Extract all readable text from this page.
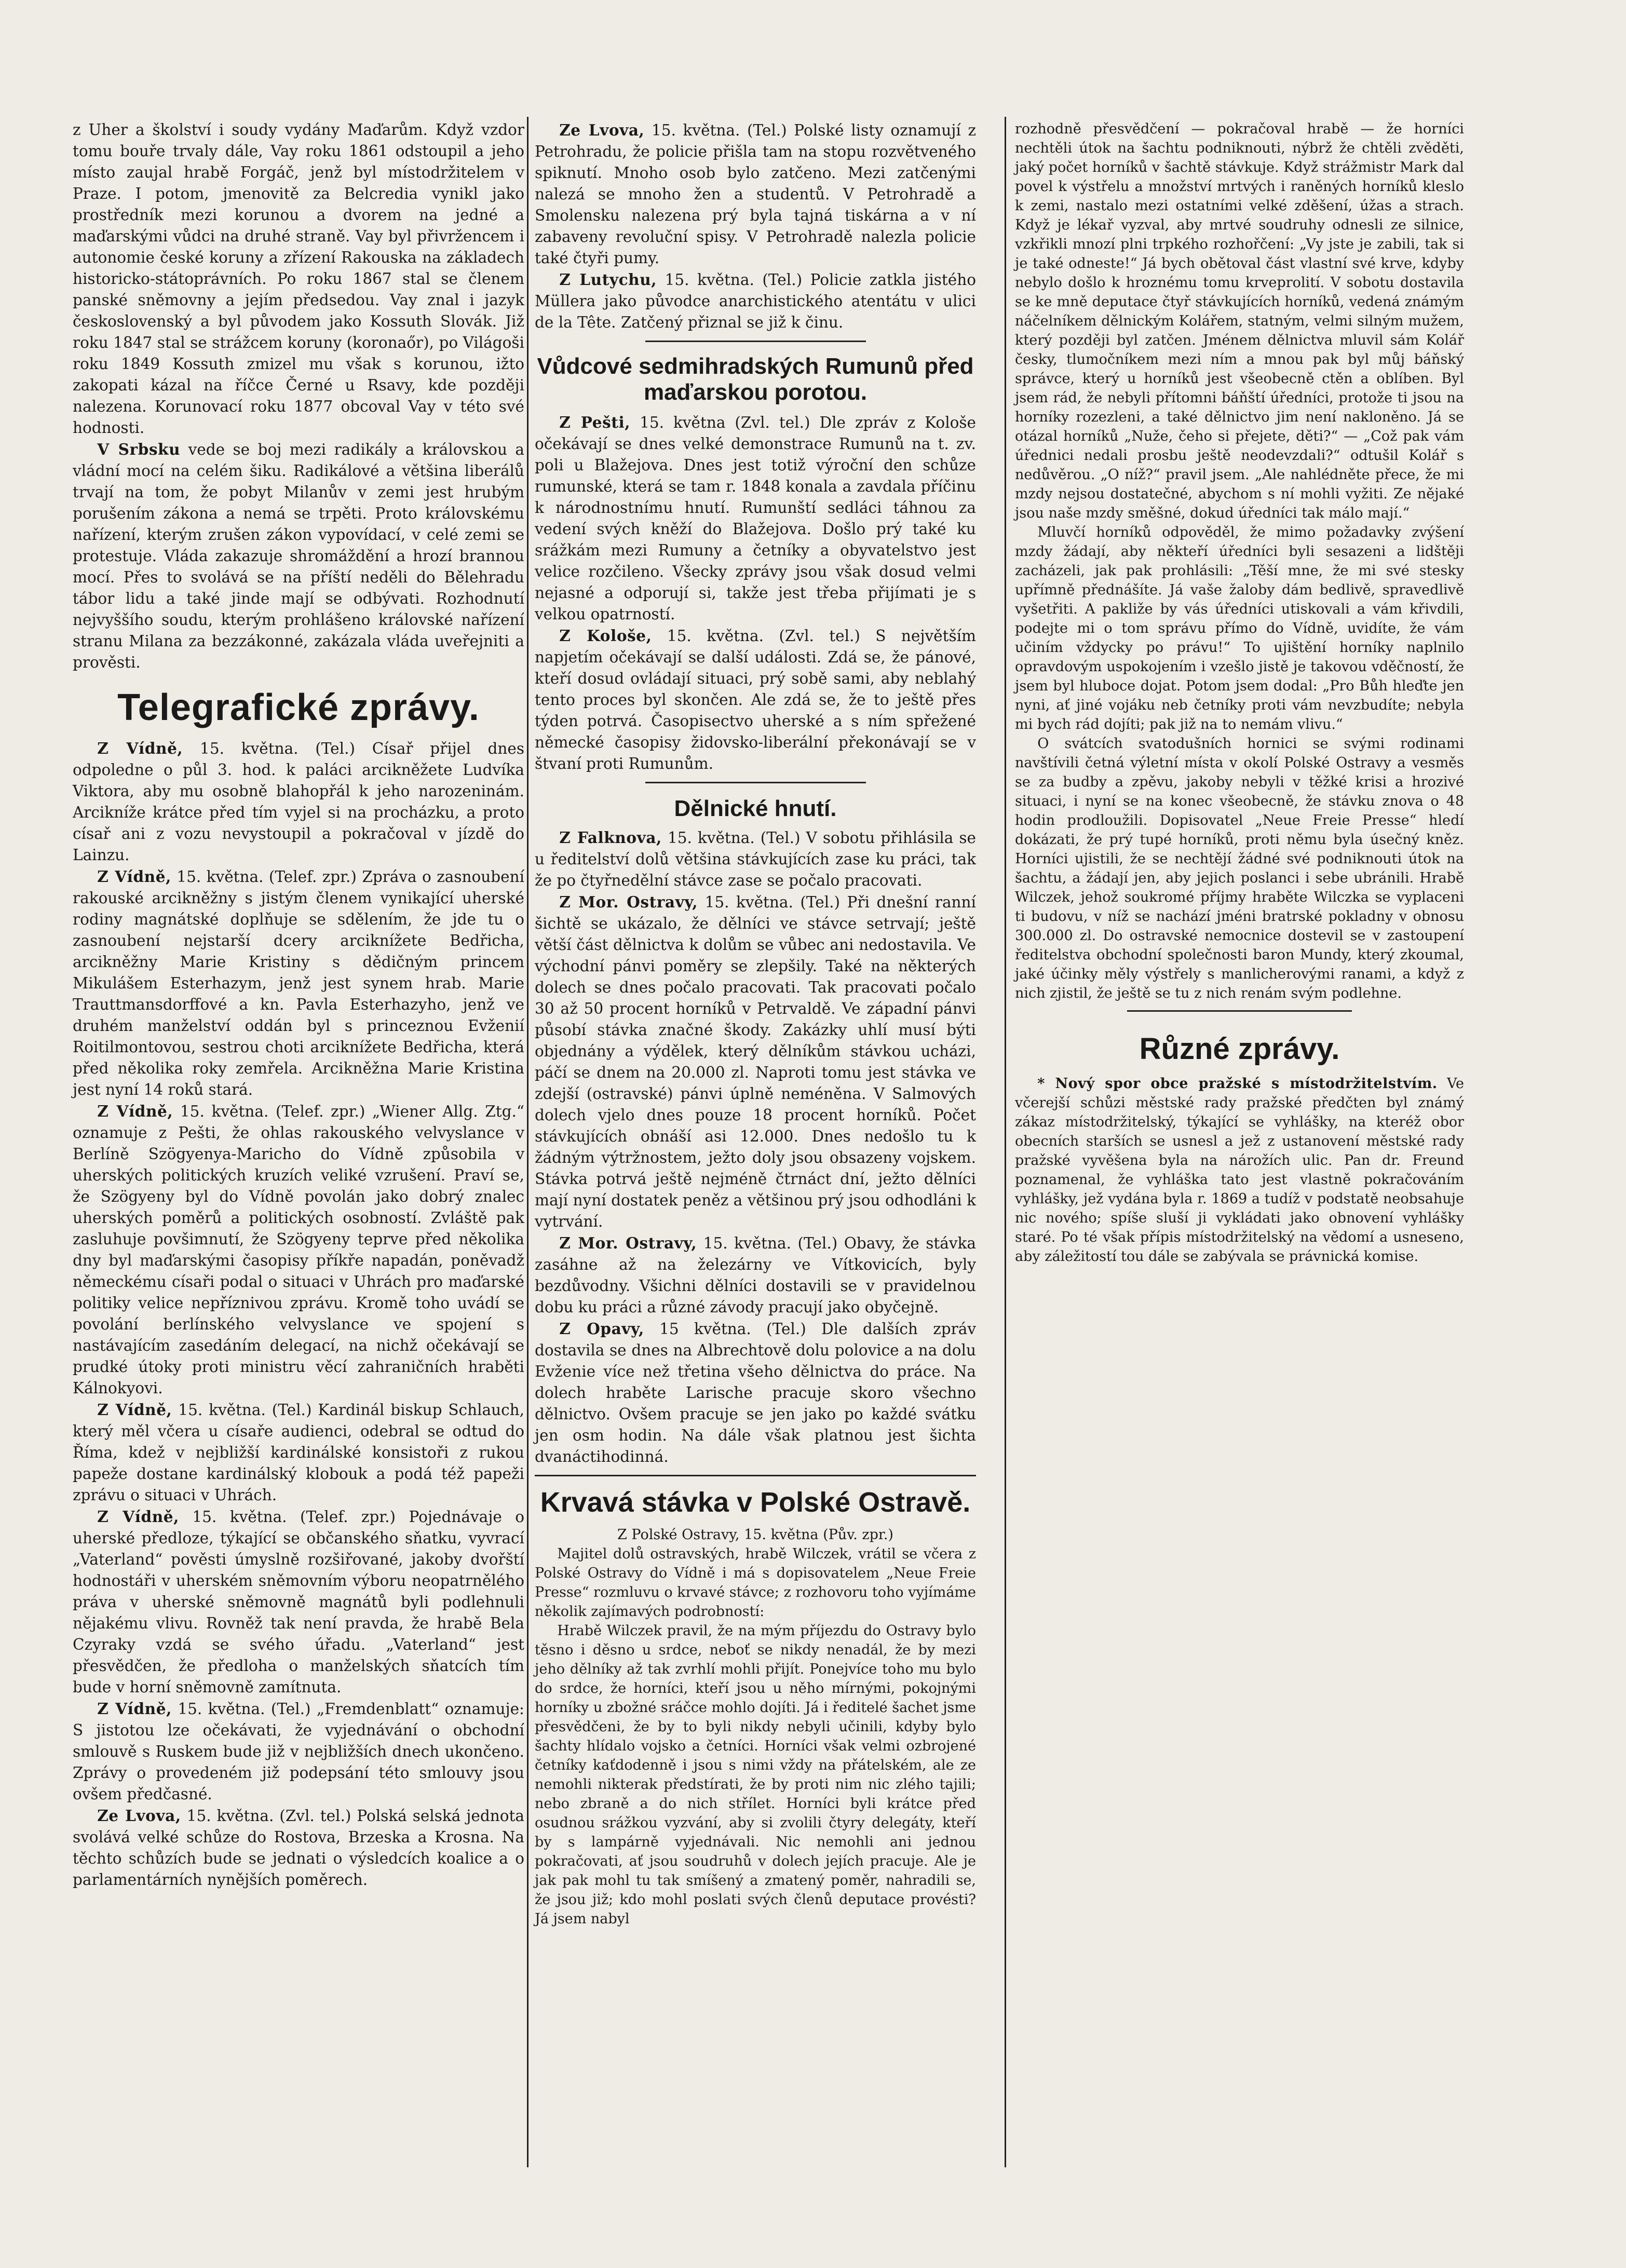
z Uher a školství i soudy vydány Maďarům. Když vzdor tomu bouře trvaly dále, Vay roku 1861 odstoupil a jeho místo zaujal hrabě Forgáč, jenž byl místodržitelem v Praze. I potom, jmenovitě za Belcredia vynikl jako prostředník mezi korunou a dvorem na jedné a maďarskými vůdci na druhé straně. Vay byl přivržencem i autonomie české koruny a zřízení Rakouska na základech historicko-státoprávních. Po roku 1867 stal se členem panské sněmovny a jejím předsedou. Vay znal i jazyk československý a byl původem jako Kossuth Slovák. Již roku 1847 stal se strážcem koruny (koronaőr), po Világoši roku 1849 Kossuth zmizel mu však s korunou, ižto zakopati kázal na říčce Černé u Rsavy, kde později nalezena. Korunovací roku 1877 obcoval Vay v této své hodnosti.

V Srbsku vede se boj mezi radikály a královskou a vládní mocí na celém šiku. Radikálové a většina liberálů trvají na tom, že pobyt Milanův v zemi jest hrubým porušením zákona a nemá se trpěti. Proto královskému nařízení, kterým zrušen zákon vypovídací, v celé zemi se protestuje. Vláda zakazuje shromáždění a hrozí brannou mocí. Přes to svolává se na příští neděli do Bělehradu tábor lidu a také jinde mají se odbývati. Rozhodnutí nejvyššího soudu, kterým prohlášeno královské nařízení stranu Milana za bezzákonné, zakázala vláda uveřejniti a prověsti.

Telegrafické zprávy.

Z Vídně, 15. května. (Tel.) Císař přijel dnes odpoledne o půl 3. hod. k paláci arcikněžete Ludvíka Viktora, aby mu osobně blahopřál k jeho narozeninám. Arcikníže krátce před tím vyjel si na procházku, a proto císař ani z vozu nevystoupil a pokračoval v jízdě do Lainzu.

Z Vídně, 15. května. (Telef. zpr.) Zpráva o zasnoubení rakouské arcikněžny s jistým členem vynikající uherské rodiny magnátské doplňuje se sdělením, že jde tu o zasnoubení nejstarší dcery arciknížete Bedřicha, arcikněžny Marie Kristiny s dědičným princem Mikulášem Esterhazym, jenž jest synem hrab. Marie Trauttmansdorffové a kn. Pavla Esterhazyho, jenž ve druhém manželství oddán byl s princeznou Evženií Roitilmontovou, sestrou choti arciknížete Bedřicha, která před několika roky zemřela. Arcikněžna Marie Kristina jest nyní 14 roků stará.

Z Vídně, 15. května. (Telef. zpr.) „Wiener Allg. Ztg.“ oznamuje z Pešti, že ohlas rakouského velvyslance v Berlíně Szögyenya-Maricho do Vídně způsobila v uherských politických kruzích veliké vzrušení. Praví se, že Szögyeny byl do Vídně povolán jako dobrý znalec uherských poměrů a politických osobností. Zvláště pak zasluhuje povšimnutí, že Szögyeny teprve před několika dny byl maďarskými časopisy příkře napadán, poněvadž německému císaři podal o situaci v Uhrách pro maďarské politiky velice nepříznivou zprávu. Kromě toho uvádí se povolání berlínského velvyslance ve spojení s nastávajícím zasedáním delegací, na nichž očekávají se prudké útoky proti ministru věcí zahraničních hraběti Kálnokyovi.

Z Vídně, 15. května. (Tel.) Kardinál biskup Schlauch, který měl včera u císaře audienci, odebral se odtud do Říma, kdež v nejbližší kardinálské konsistoři z rukou papeže dostane kardinálský klobouk a podá též papeži zprávu o situaci v Uhrách.

Z Vídně, 15. května. (Telef. zpr.) Pojednávaje o uherské předloze, týkající se občanského sňatku, vyvrací „Vaterland“ pověsti úmyslně rozšiřované, jakoby dvořští hodnostáři v uherském sněmovním výboru neopatrnělého práva v uherské sněmovně magnátů byli podlehnuli nějakému vlivu. Rovněž tak není pravda, že hrabě Bela Czyraky vzdá se svého úřadu. „Vaterland“ jest přesvědčen, že předloha o manželských sňatcích tím bude v horní sněmovně zamítnuta.

Z Vídně, 15. května. (Tel.) „Fremdenblatt“ oznamuje: S jistotou lze očekávati, že vyjednávání o obchodní smlouvě s Ruskem bude již v nejbližších dnech ukončeno. Zprávy o provedeném již podepsání této smlouvy jsou ovšem předčasné.

Ze Lvova, 15. května. (Zvl. tel.) Polská selská jednota svolává velké schůze do Rostova, Brzeska a Krosna. Na těchto schůzích bude se jednati o výsledcích koalice a o parlamentárních nynějších poměrech.

Ze Lvova, 15. května. (Tel.) Polské listy oznamují z Petrohradu, že policie přišla tam na stopu rozvětveného spiknutí. Mnoho osob bylo zatčeno. Mezi zatčenými nalezá se mnoho žen a studentů. V Petrohradě a Smolensku nalezena prý byla tajná tiskárna a v ní zabaveny revoluční spisy. V Petrohradě nalezla policie také čtyři pumy.

Z Lutychu, 15. května. (Tel.) Policie zatkla jistého Müllera jako původce anarchistického atentátu v ulici de la Tête. Zatčený přiznal se již k činu.

Vůdcové sedmihradských Rumunů před maďarskou porotou.

Z Pešti, 15. května (Zvl. tel.) Dle zpráv z Kološe očekávají se dnes velké demonstrace Rumunů na t. zv. poli u Blažejova. Dnes jest totiž výroční den schůze rumunské, která se tam r. 1848 konala a zavdala příčinu k národnostnímu hnutí. Rumunští sedláci táhnou za vedení svých kněží do Blažejova. Došlo prý také ku srážkám mezi Rumuny a četníky a obyvatelstvo jest velice rozčileno. Všecky zprávy jsou však dosud velmi nejasné a odporují si, takže jest třeba přijímati je s velkou opatrností.

Z Kološe, 15. května. (Zvl. tel.) S největším napjetím očekávají se další události. Zdá se, že pánové, kteří dosud ovládají situaci, prý sobě sami, aby neblahý tento proces byl skončen. Ale zdá se, že to ještě přes týden potrvá. Časopisectvo uherské a s ním spřežené německé časopisy židovsko-liberální překonávají se v štvaní proti Rumunům.

Dělnické hnutí.

Z Falknova, 15. května. (Tel.) V sobotu přihlásila se u ředitelství dolů většina stávkujících zase ku práci, tak že po čtyřnedělní stávce zase se počalo pracovati.

Z Mor. Ostravy, 15. května. (Tel.) Při dnešní ranní šichtě se ukázalo, že dělníci ve stávce setrvají; ještě větší část dělnictva k dolům se vůbec ani nedostavila. Ve východní pánvi poměry se zlepšily. Také na některých dolech se dnes počalo pracovati. Tak pracovati počalo 30 až 50 procent horníků v Petrvaldě. Ve západní pánvi působí stávka značné škody. Zakázky uhlí musí býti objednány a výdělek, který dělníkům stávkou ucházi, páčí se dnem na 20.000 zl. Naproti tomu jest stávka ve zdejší (ostravské) pánvi úplně neméněna. V Salmových dolech vjelo dnes pouze 18 procent horníků. Počet stávkujících obnáší asi 12.000. Dnes nedošlo tu k žádným výtržnostem, ježto doly jsou obsazeny vojskem. Stávka potrvá ještě nejméně čtrnáct dní, ježto dělníci mají nyní dostatek peněz a většinou prý jsou odhodláni k vytrvání.

Z Mor. Ostravy, 15. května. (Tel.) Obavy, že stávka zasáhne až na železárny ve Vítkovicích, byly bezdůvodny. Všichni dělníci dostavili se v pravidelnou dobu ku práci a různé závody pracují jako obyčejně.

Z Opavy, 15 května. (Tel.) Dle dalších zpráv dostavila se dnes na Albrechtově dolu polovice a na dolu Evženie více než třetina všeho dělnictva do práce. Na dolech hraběte Larische pracuje skoro všechno dělnictvo. Ovšem pracuje se jen jako po každé svátku jen osm hodin. Na dále však platnou jest šichta dvanáctihodinná.

Krvavá stávka v Polské Ostravě.

Z Polské Ostravy, 15. května (Pův. zpr.)

Majitel dolů ostravských, hrabě Wilczek, vrátil se včera z Polské Ostravy do Vídně i má s dopisovatelem „Neue Freie Presse“ rozmluvu o krvavé stávce; z rozhovoru toho vyjímáme několik zajímavých podrobností:

Hrabě Wilczek pravil, že na mým příjezdu do Ostravy bylo těsno i děsno u srdce, neboť se nikdy nenadál, že by mezi jeho dělníky až tak zvrhlí mohli přijít. Ponejvíce toho mu bylo do srdce, že horníci, kteří jsou u něho mírnými, pokojnými horníky u zbožné sráčce mohlo dojíti. Já i ředitelé šachet jsme přesvědčeni, že by to byli nikdy nebyli učinili, kdyby bylo šachty hlídalo vojsko a četníci. Horníci však velmi ozbrojené četníky kaťdodenně i jsou s nimi vždy na přátelském, ale ze nemohli nikterak předstírati, že by proti nim nic zlého tajili; nebo zbraně a do nich střílet. Horníci byli krátce před osudnou srážkou vyzvání, aby si zvolili čtyry delegáty, kteří by s lampárně vyjednávali. Nic nemohli ani jednou pokračovati, ať jsou soudruhů v dolech jejích pracuje. Ale je jak pak mohl tu tak smíšený a zmatený poměr, nahradili se, že jsou již; kdo mohl poslati svých členů deputace provésti? Já jsem nabyl

rozhodně přesvědčení — pokračoval hrabě — že horníci nechtěli útok na šachtu podniknouti, nýbrž že chtěli zvěděti, jaký počet horníků v šachtě stávkuje. Když strážmistr Mark dal povel k výstřelu a množství mrtvých i raněných horníků kleslo k zemi, nastalo mezi ostatními velké zděšení, úžas a strach. Když je lékař vyzval, aby mrtvé soudruhy odnesli ze silnice, vzkřikli mnozí plni trpkého rozhořčení: „Vy jste je zabili, tak si je také odneste!“ Já bych obětoval část vlastní své krve, kdyby nebylo došlo k hroznému tomu krveprolití. V sobotu dostavila se ke mně deputace čtyř stávkujících horníků, vedená známým náčelníkem dělnickým Kolářem, statným, velmi silným mužem, který později byl zatčen. Jménem dělnictva mluvil sám Kolář česky, tlumočníkem mezi ním a mnou pak byl můj báňský správce, který u horníků jest všeobecně ctěn a oblíben. Byl jsem rád, že nebyli přítomni báňští úředníci, protože ti jsou na horníky rozezleni, a také dělnictvo jim není nakloněno. Já se otázal horníků „Nuže, čeho si přejete, děti?“ — „Což pak vám úřednici nedali prosbu ještě neodevzdali?“ odtušil Kolář s nedůvěrou. „O níž?“ pravil jsem. „Ale nahlédněte přece, že mi mzdy nejsou dostatečné, abychom s ní mohli vyžiti. Ze nějaké jsou naše mzdy směšné, dokud úředníci tak málo mají.“

Mluvčí horníků odpověděl, že mimo požadavky zvýšení mzdy žádají, aby někteří úředníci byli sesazeni a lidštěji zacházeli, jak pak prohlásili: „Těší mne, že mi své stesky upřímně přednášíte. Já vaše žaloby dám bedlivě, spravedlivě vyšetřiti. A pakliže by vás úředníci utiskovali a vám křivdili, podejte mi o tom správu přímo do Vídně, uvidíte, že vám učiním vždycky po právu!“ To ujištění horníky naplnilo opravdovým uspokojením i vzešlo jistě je takovou vděčností, že jsem byl hluboce dojat. Potom jsem dodal: „Pro Bůh hleďte jen nyni, ať jiné vojáku neb četníky proti vám nevzbudíte; nebyla mi bych rád dojíti; pak již na to nemám vlivu.“

O svátcích svatodušních hornici se svými rodinami navštívili četná výletní místa v okolí Polské Ostravy a vesměs se za budby a zpěvu, jakoby nebyli v těžké krisi a hrozivé situaci, i nyní se na konec všeobecně, že stávku znova o 48 hodin prodloužili. Dopisovatel „Neue Freie Presse“ hledí dokázati, že prý tupé horníků, proti němu byla úsečný kněz. Horníci ujistili, že se nechtějí žádné své podniknouti útok na šachtu, a žádají jen, aby jejich poslanci i sebe ubránili. Hrabě Wilczek, jehož soukromé příjmy hraběte Wilczka se vyplaceni ti budovu, v níž se nachází jméni bratrské pokladny v obnosu 300.000 zl. Do ostravské nemocnice dostevil se v zastoupení ředitelstva obchodní společnosti baron Mundy, který zkoumal, jaké účinky měly výstřely s manlicherovými ranami, a když z nich zjistil, že ještě se tu z nich renám svým podlehne.

Různé zprávy.

* Nový spor obce pražské s místodržitelstvím. Ve včerejší schůzi městské rady pražské předčten byl známý zákaz místodržitelský, týkající se vyhlášky, na kteréž obor obecních starších se usnesl a jež z ustanovení městské rady pražské vyvěšena byla na nárožích ulic. Pan dr. Freund poznamenal, že vyhláška tato jest vlastně pokračováním vyhlášky, jež vydána byla r. 1869 a tudíž v podstatě neobsahuje nic nového; spíše sluší ji vykládati jako obnovení vyhlášky staré. Po té však přípis místodržitelský na vědomí a usneseno, aby záležitostí tou dále se zabývala se právnická komise.
